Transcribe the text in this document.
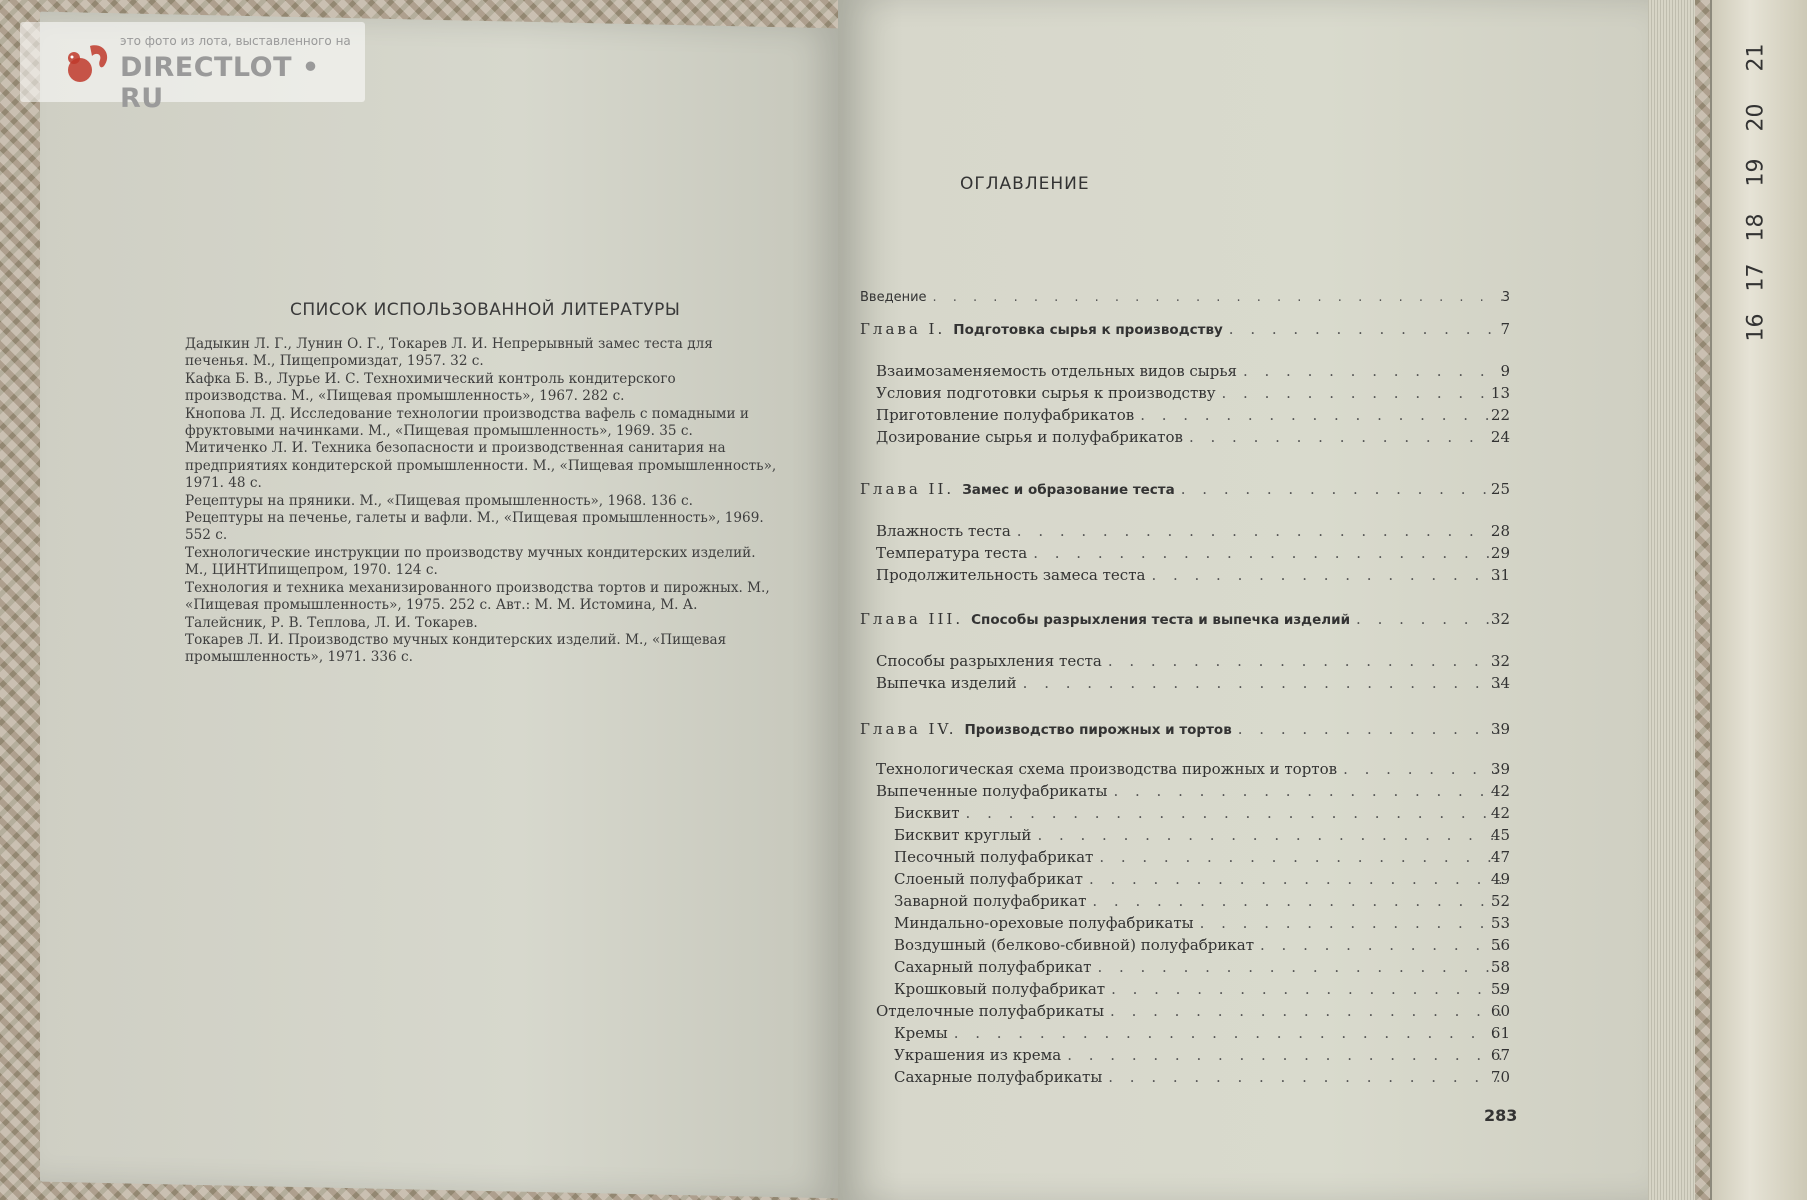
21
20
19
18
17
16
это фото из лота, выставленного на
DIRECTLOT • RU
СПИСОК ИСПОЛЬЗОВАННОЙ ЛИТЕРАТУРЫ
Дадыкин Л. Г., Лунин О. Г., Токарев Л. И. Непрерывный замес теста для печенья. М., Пищепромиздат, 1957. 32 с.
Кафка Б. В., Лурье И. С. Технохимический контроль кондитерского производства. М., «Пищевая промышленность», 1967. 282 с.
Кнопова Л. Д. Исследование технологии производства вафель с помадными и фруктовыми начинками. М., «Пищевая промышленность», 1969. 35 с.
Митиченко Л. И. Техника безопасности и производственная санитария на предприятиях кондитерской промышленности. М., «Пищевая промышленность», 1971. 48 с.
Рецептуры на пряники. М., «Пищевая промышленность», 1968. 136 с.
Рецептуры на печенье, галеты и вафли. М., «Пищевая промышленность», 1969. 552 с.
Технологические инструкции по производству мучных кондитерских изделий. М., ЦИНТИпищепром, 1970. 124 с.
Технология и техника механизированного производства тортов и пирожных. М., «Пищевая промышленность», 1975. 252 с. Авт.: М. М. Истомина, М. А. Талейсник, Р. В. Теплова, Л. И. Токарев.
Токарев Л. И. Производство мучных кондитерских изделий. М., «Пищевая промышленность», 1971. 336 с.
ОГЛАВЛЕНИЕ
Введение . . .	3
Глава I. Подготовка сырья к производству . . .	7
Взаимозаменяемость отдельных видов сырья . . .	9
Условия подготовки сырья к производству . . .	13
Приготовление полуфабрикатов . . .	22
Дозирование сырья и полуфабрикатов . . .	24
Глава II. Замес и образование теста . . .	25
Влажность теста . . .	28
Температура теста . . .	29
Продолжительность замеса теста . . .	31
Глава III. Способы разрыхления теста и выпечка изделий . . .	32
Способы разрыхления теста . . .	32
Выпечка изделий . . .	34
Глава IV. Производство пирожных и тортов . . .	39
Технологическая схема производства пирожных и тортов . . .	39
Выпеченные полуфабрикаты . . .	42
Бисквит . . .	42
Бисквит круглый . . .	45
Песочный полуфабрикат . . .	47
Слоеный полуфабрикат . . .	49
Заварной полуфабрикат . . .	52
Миндально-ореховые полуфабрикаты . . .	53
Воздушный (белково-сбивной) полуфабрикат . . .	56
Сахарный полуфабрикат . . .	58
Крошковый полуфабрикат . . .	59
Отделочные полуфабрикаты . . .	60
Кремы . . .	61
Украшения из крема . . .	67
Сахарные полуфабрикаты . . .	70
283
